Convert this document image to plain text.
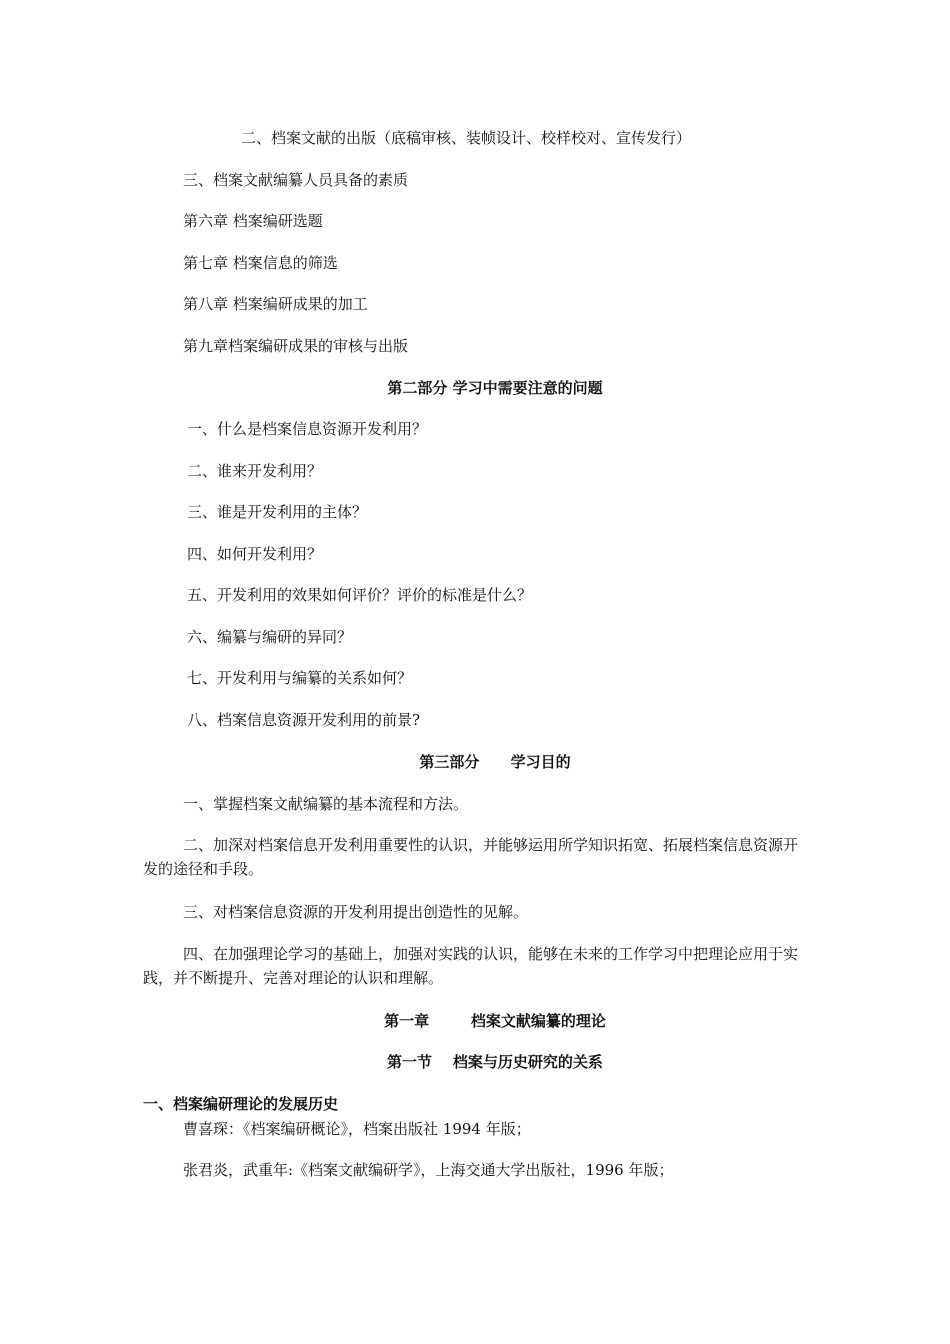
二、档案文献的出版（底稿审核、装帧设计、校样校对、宣传发行）
三、档案文献编纂人员具备的素质
第六章 档案编研选题
第七章 档案信息的筛选
第八章 档案编研成果的加工
第九章档案编研成果的审核与出版
第二部分 学习中需要注意的问题
一、什么是档案信息资源开发利用？
二、谁来开发利用？
三、谁是开发利用的主体？
四、如何开发利用？
五、开发利用的效果如何评价？评价的标准是什么？
六、编纂与编研的异同？
七、开发利用与编纂的关系如何？
八、档案信息资源开发利用的前景?
第三部分      学习目的
一、掌握档案文献编纂的基本流程和方法。
二、加深对档案信息开发利用重要性的认识，并能够运用所学知识拓宽、拓展档案信息资源开发的途径和手段。
三、对档案信息资源的开发利用提出创造性的见解。
四、在加强理论学习的基础上，加强对实践的认识，能够在未来的工作学习中把理论应用于实践，并不断提升、完善对理论的认识和理解。
第一章        档案文献编纂的理论
第一节    档案与历史研究的关系
一、档案编研理论的发展历史
曹喜琛：《档案编研概论》，档案出版社 1994 年版；
张君炎，武重年:《档案文献编研学》，上海交通大学出版社，1996 年版；
